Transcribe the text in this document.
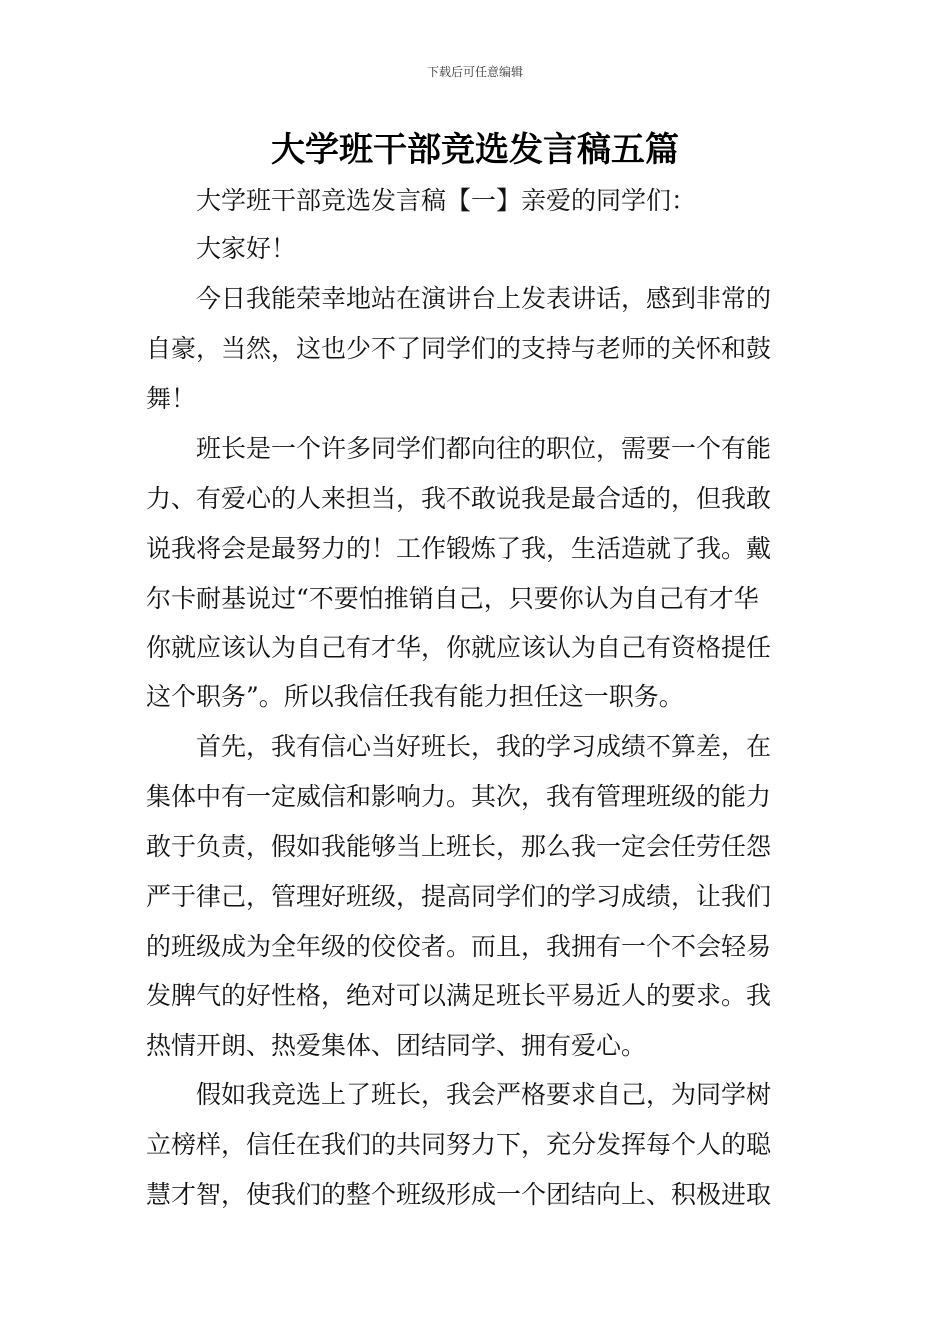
下载后可任意编辑
大学班干部竞选发言稿五篇
大学班干部竞选发言稿【一】亲爱的同学们：
大家好！
今日我能荣幸地站在演讲台上发表讲话，感到非常的
自豪，当然，这也少不了同学们的支持与老师的关怀和鼓
舞！
班长是一个许多同学们都向往的职位，需要一个有能
力、有爱心的人来担当，我不敢说我是最合适的，但我敢
说我将会是最努力的！工作锻炼了我，生活造就了我。戴
尔卡耐基说过“不要怕推销自己，只要你认为自己有才华
你就应该认为自己有才华，你就应该认为自己有资格提任
这个职务”。所以我信任我有能力担任这一职务。
首先，我有信心当好班长，我的学习成绩不算差，在
集体中有一定威信和影响力。其次，我有管理班级的能力
敢于负责，假如我能够当上班长，那么我一定会任劳任怨
严于律己，管理好班级，提高同学们的学习成绩，让我们
的班级成为全年级的佼佼者。而且，我拥有一个不会轻易
发脾气的好性格，绝对可以满足班长平易近人的要求。我
热情开朗、热爱集体、团结同学、拥有爱心。
假如我竞选上了班长，我会严格要求自己，为同学树
立榜样，信任在我们的共同努力下，充分发挥每个人的聪
慧才智，使我们的整个班级形成一个团结向上、积极进取
